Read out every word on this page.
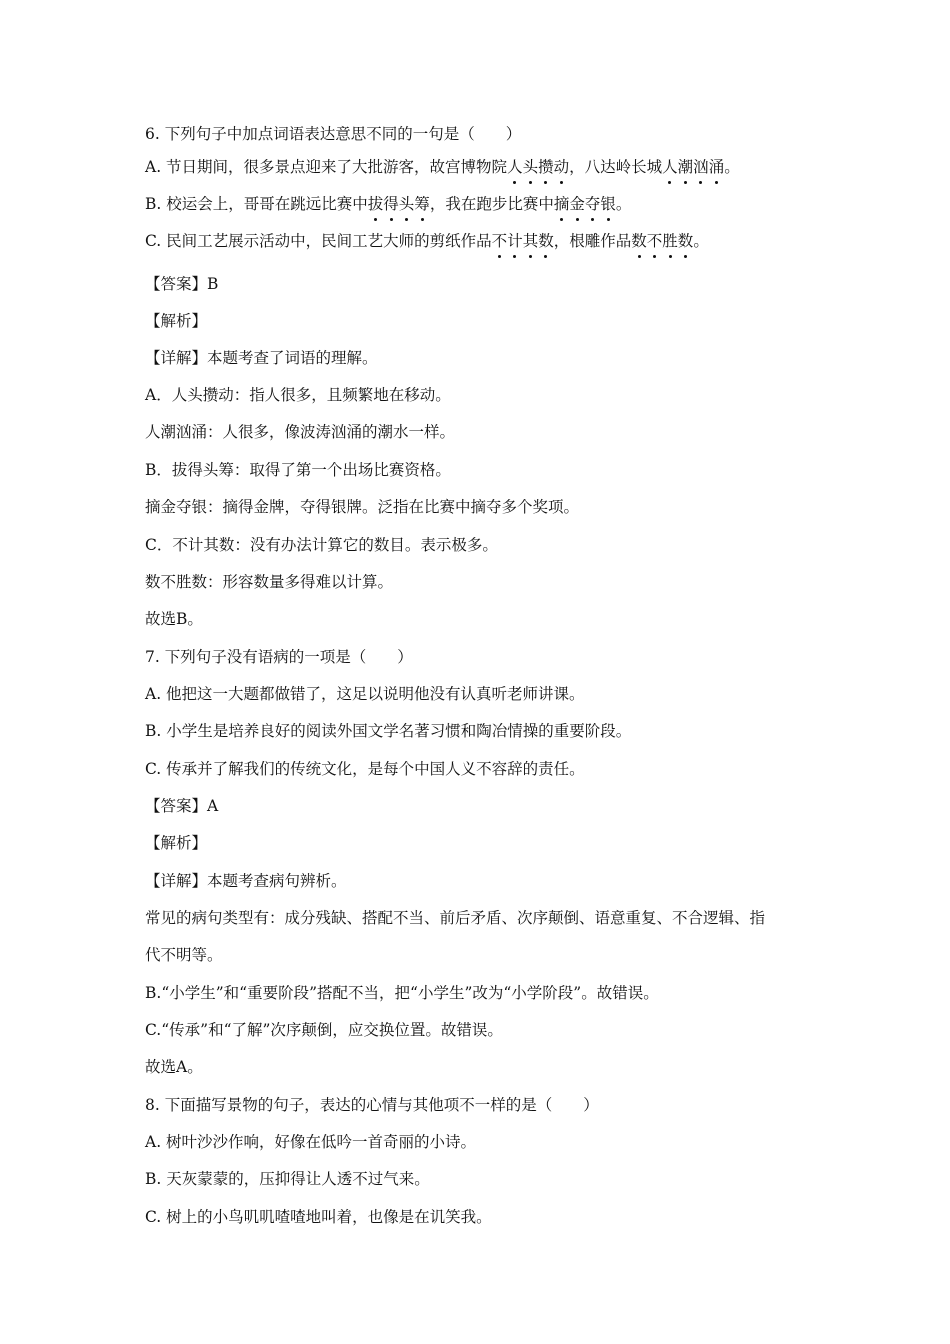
6. 下列句子中加点词语表达意思不同的一句是（　　）
A. 节日期间，很多景点迎来了大批游客，故宫博物院人头攒动，八达岭长城人潮汹涌。
B. 校运会上，哥哥在跳远比赛中拔得头筹，我在跑步比赛中摘金夺银。
C. 民间工艺展示活动中，民间工艺大师的剪纸作品不计其数，根雕作品数不胜数。
【答案】B
【解析】
【详解】本题考查了词语的理解。
A．人头攒动：指人很多，且频繁地在移动。
人潮汹涌：人很多，像波涛汹涌的潮水一样。
B．拔得头筹：取得了第一个出场比赛资格。
摘金夺银：摘得金牌，夺得银牌。泛指在比赛中摘夺多个奖项。
C．不计其数：没有办法计算它的数目。表示极多。
数不胜数：形容数量多得难以计算。
故选B。
7. 下列句子没有语病的一项是（　　）
A. 他把这一大题都做错了，这足以说明他没有认真听老师讲课。
B. 小学生是培养良好的阅读外国文学名著习惯和陶冶情操的重要阶段。
C. 传承并了解我们的传统文化，是每个中国人义不容辞的责任。
【答案】A
【解析】
【详解】本题考查病句辨析。
常见的病句类型有：成分残缺、搭配不当、前后矛盾、次序颠倒、语意重复、不合逻辑、指
代不明等。
B.“小学生”和“重要阶段”搭配不当，把“小学生”改为“小学阶段”。故错误。
C.“传承”和“了解”次序颠倒，应交换位置。故错误。
故选A。
8. 下面描写景物的句子，表达的心情与其他项不一样的是（　　）
A. 树叶沙沙作响，好像在低吟一首奇丽的小诗。
B. 天灰蒙蒙的，压抑得让人透不过气来。
C. 树上的小鸟叽叽喳喳地叫着，也像是在讥笑我。
